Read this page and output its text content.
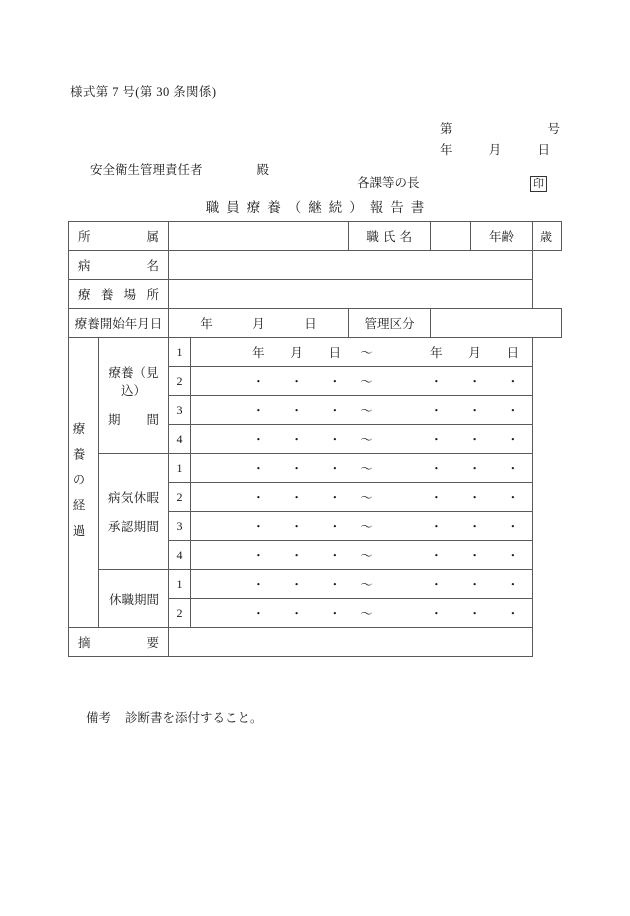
様式第 7 号(第 30 条関係)
第	号
年	月	日
安全衛生管理責任者	殿
各課等の長	印
職員療養（継続）報告書
所 属				職 氏 名		年齢	歳

病 名							

療 養 場 所							

療養開始年月日		年 月 日		管理区分			

療養の経過

療養（見込）
期 間
	1	年	月	日	〜	年	月	日

2	・	・	・	〜	・	・	・

3	・	・	・	〜	・	・	・

4	・	・	・	〜	・	・	・

病 気 休 暇
承 認 期 間
	1	・	・	・	〜	・	・	・

2	・	・	・	〜	・	・	・

3	・	・	・	〜	・	・	・

4	・	・	・	〜	・	・	・

休 職 期 間
	1	・	・	・	〜	・	・	・

2	・	・	・	〜	・	・	・

摘 要							

備考 診断書を添付すること。
